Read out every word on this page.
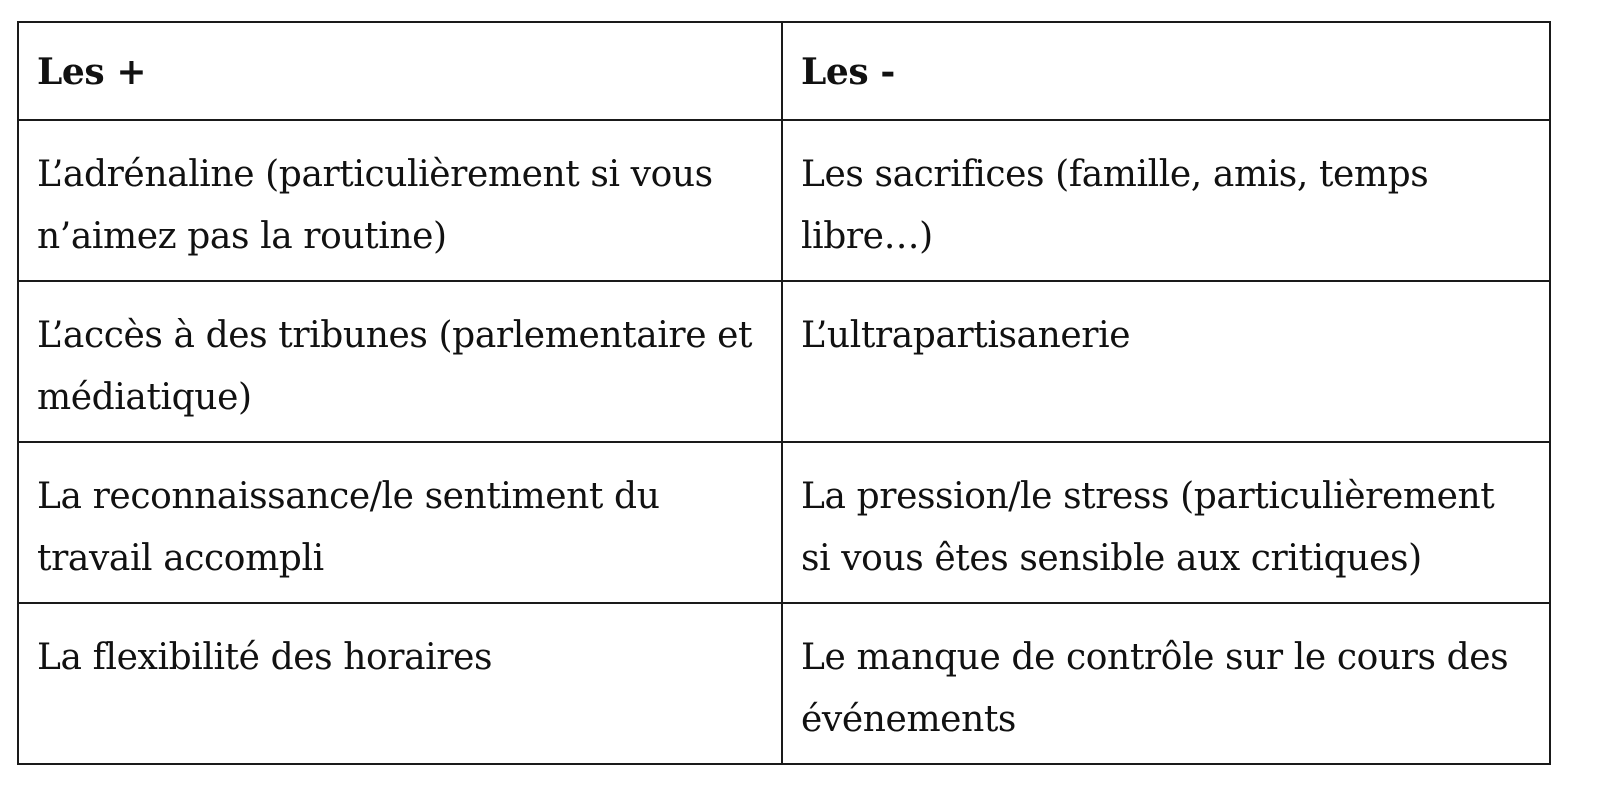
Les +	Les -
L’adrénaline (particulièrement si vous n’aimez pas la routine)	Les sacrifices (famille, amis, temps libre…)
L’accès à des tribunes (parlementaire et médiatique)	L’ultrapartisanerie
La reconnaissance/le sentiment du travail accompli	La pression/le stress (particulièrement si vous êtes sensible aux critiques)
La flexibilité des horaires	Le manque de contrôle sur le cours des événements
